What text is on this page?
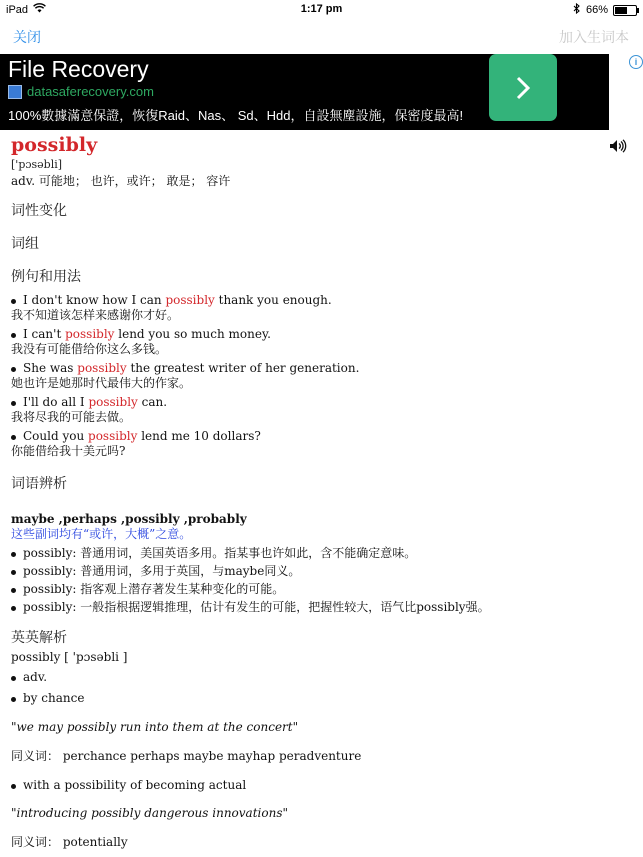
iPad	1:17 pm	66%
关闭	加入生词本
File Recovery
datasaferecovery.com
100%數據滿意保證，恢復Raid、Nas、 Sd、Hdd，自設無塵設施，保密度最高!
i
possibly
['pɔsəbli]
adv. 可能地； 也许，或许； 敢是； 容许
词性变化
词组
例句和用法
I don't know how I can possibly thank you enough.
我不知道该怎样来感谢你才好。
I can't possibly lend you so much money.
我没有可能借给你这么多钱。
She was possibly the greatest writer of her generation.
她也许是她那时代最伟大的作家。
I'll do all I possibly can.
我将尽我的可能去做。
Could you possibly lend me 10 dollars?
你能借给我十美元吗?
词语辨析
maybe ,perhaps ,possibly ,probably
这些副词均有“或许，大概”之意。
possibly: 普通用词，美国英语多用。指某事也许如此，含不能确定意味。
possibly: 普通用词，多用于英国，与maybe同义。
possibly: 指客观上潜存著发生某种变化的可能。
possibly: 一般指根据逻辑推理，估计有发生的可能，把握性较大，语气比possibly强。
英英解析
possibly [ 'pɔsəbli ]
adv.
by chance
"we may possibly run into them at the concert"
同义词： perchance perhaps maybe mayhap peradventure
with a possibility of becoming actual
"introducing possibly dangerous innovations"
同义词： potentially
